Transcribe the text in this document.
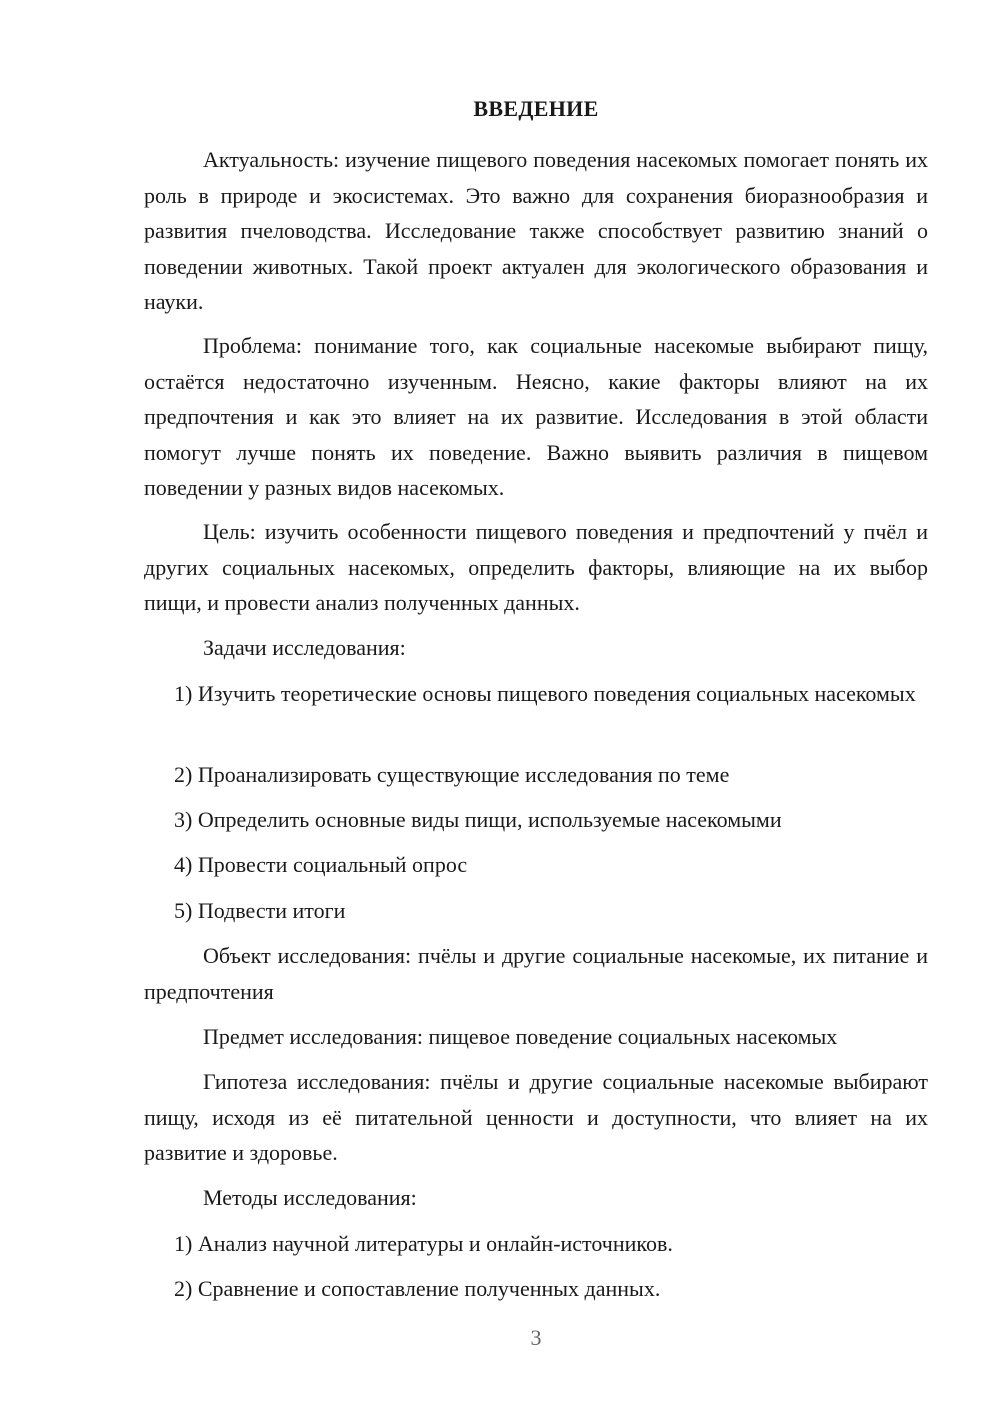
ВВЕДЕНИЕ

Актуальность: изучение пищевого поведения насекомых помогает понять их роль в природе и экосистемах. Это важно для сохранения биоразнообразия и развития пчеловодства. Исследование также способствует развитию знаний о поведении животных. Такой проект актуален для экологического образования и науки.

Проблема: понимание того, как социальные насекомые выбирают пищу, остаётся недостаточно изученным. Неясно, какие факторы влияют на их предпочтения и как это влияет на их развитие. Исследования в этой области помогут лучше понять их поведение. Важно выявить различия в пищевом поведении у разных видов насекомых.

Цель: изучить особенности пищевого поведения и предпочтений у пчёл и других социальных насекомых, определить факторы, влияющие на их выбор пищи, и провести анализ полученных данных.

Задачи исследования:

1) Изучить теоретические основы пищевого поведения социальных насекомых

2) Проанализировать существующие исследования по теме

3) Определить основные виды пищи, используемые насекомыми

4) Провести социальный опрос

5) Подвести итоги

Объект исследования: пчёлы и другие социальные насекомые, их питание и предпочтения

Предмет исследования: пищевое поведение социальных насекомых

Гипотеза исследования: пчёлы и другие социальные насекомые выбирают пищу, исходя из её питательной ценности и доступности, что влияет на их развитие и здоровье.

Методы исследования:

1) Анализ научной литературы и онлайн-источников.

2) Сравнение и сопоставление полученных данных.

3
